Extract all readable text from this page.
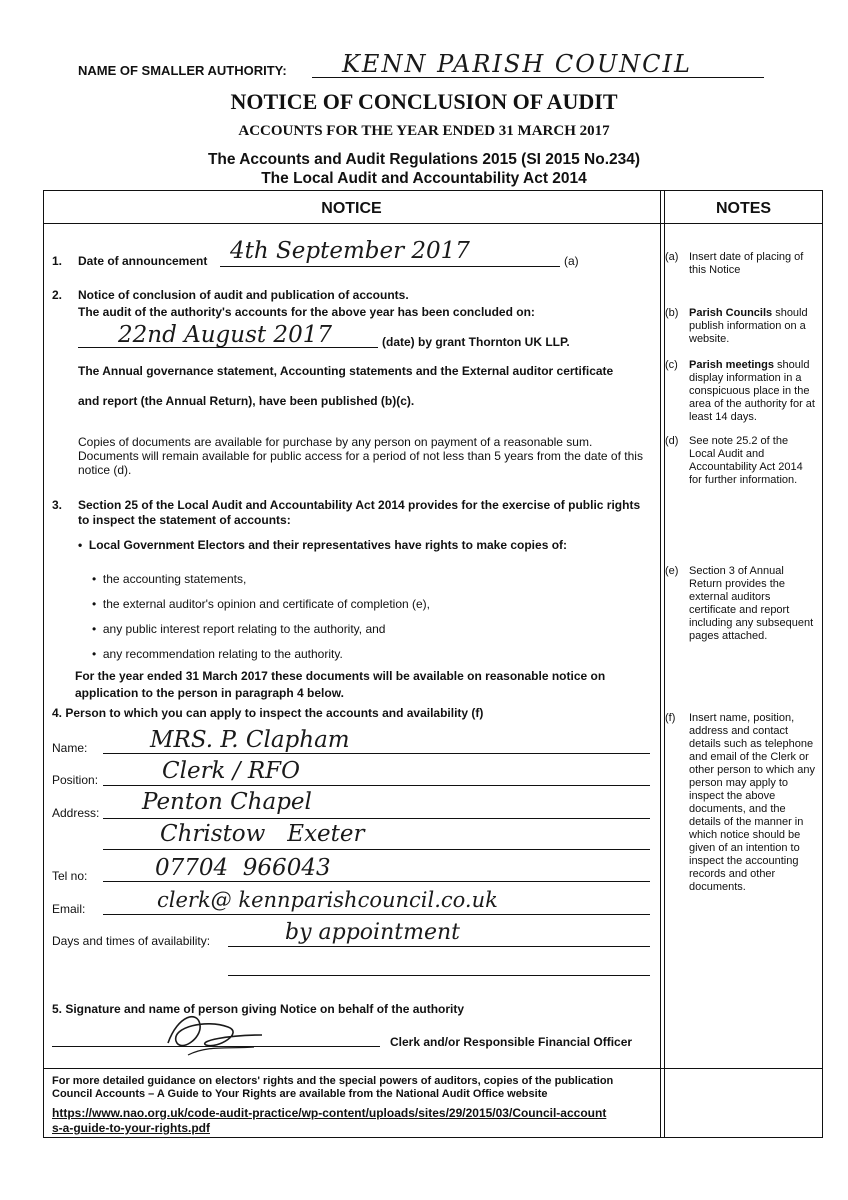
NAME OF SMALLER AUTHORITY: KENN PARISH COUNCIL
NOTICE OF CONCLUSION OF AUDIT
ACCOUNTS FOR THE YEAR ENDED 31 MARCH 2017
The Accounts and Audit Regulations 2015 (SI 2015 No.234)
The Local Audit and Accountability Act 2014
NOTICE	NOTES
1. Date of announcement 4th September 2017	(a)
2. Notice of conclusion of audit and publication of accounts.
The audit of the authority's accounts for the above year has been concluded on:
22nd August 2017	(date) by grant Thornton UK LLP.
The Annual governance statement, Accounting statements and the External auditor certificate
and report (the Annual Return), have been published (b)(c).
Copies of documents are available for purchase by any person on payment of a reasonable sum. Documents will remain available for public access for a period of not less than 5 years from the date of this notice (d).
3. Section 25 of the Local Audit and Accountability Act 2014 provides for the exercise of public rights to inspect the statement of accounts:
•  Local Government Electors and their representatives have rights to make copies of:
•  the accounting statements,
•  the external auditor's opinion and certificate of completion (e),
•  any public interest report relating to the authority, and
•  any recommendation relating to the authority.
For the year ended 31 March 2017 these documents will be available on reasonable notice on application to the person in paragraph 4 below.
4. Person to which you can apply to inspect the accounts and availability (f)
Name:	MRS. P. Clapham
Position:	Clerk / RFO
Address: Penton Chapel
Christow   Exeter
Tel no:	07704  966043
Email:	clerk@ kennparishcouncil.co.uk
Days and times of availability:	by appointment
5. Signature and name of person giving Notice on behalf of the authority
Clerk and/or Responsible Financial Officer
(a) Insert date of placing of this Notice
(b) Parish Councils should publish information on a website.
(c) Parish meetings should display information in a conspicuous place in the area of the authority for at least 14 days.
(d) See note 25.2 of the Local Audit and Accountability Act 2014 for further information.
(e) Section 3 of Annual Return provides the external auditors certificate and report including any subsequent pages attached.
(f) Insert name, position, address and contact details such as telephone and email of the Clerk or other person to which any person may apply to inspect the above documents, and the details of the manner in which notice should be given of an intention to inspect the accounting records and other documents.
For more detailed guidance on electors' rights and the special powers of auditors, copies of the publication Council Accounts – A Guide to Your Rights are available from the National Audit Office website
https://www.nao.org.uk/code-audit-practice/wp-content/uploads/sites/29/2015/03/Council-accounts-a-guide-to-your-rights.pdf
